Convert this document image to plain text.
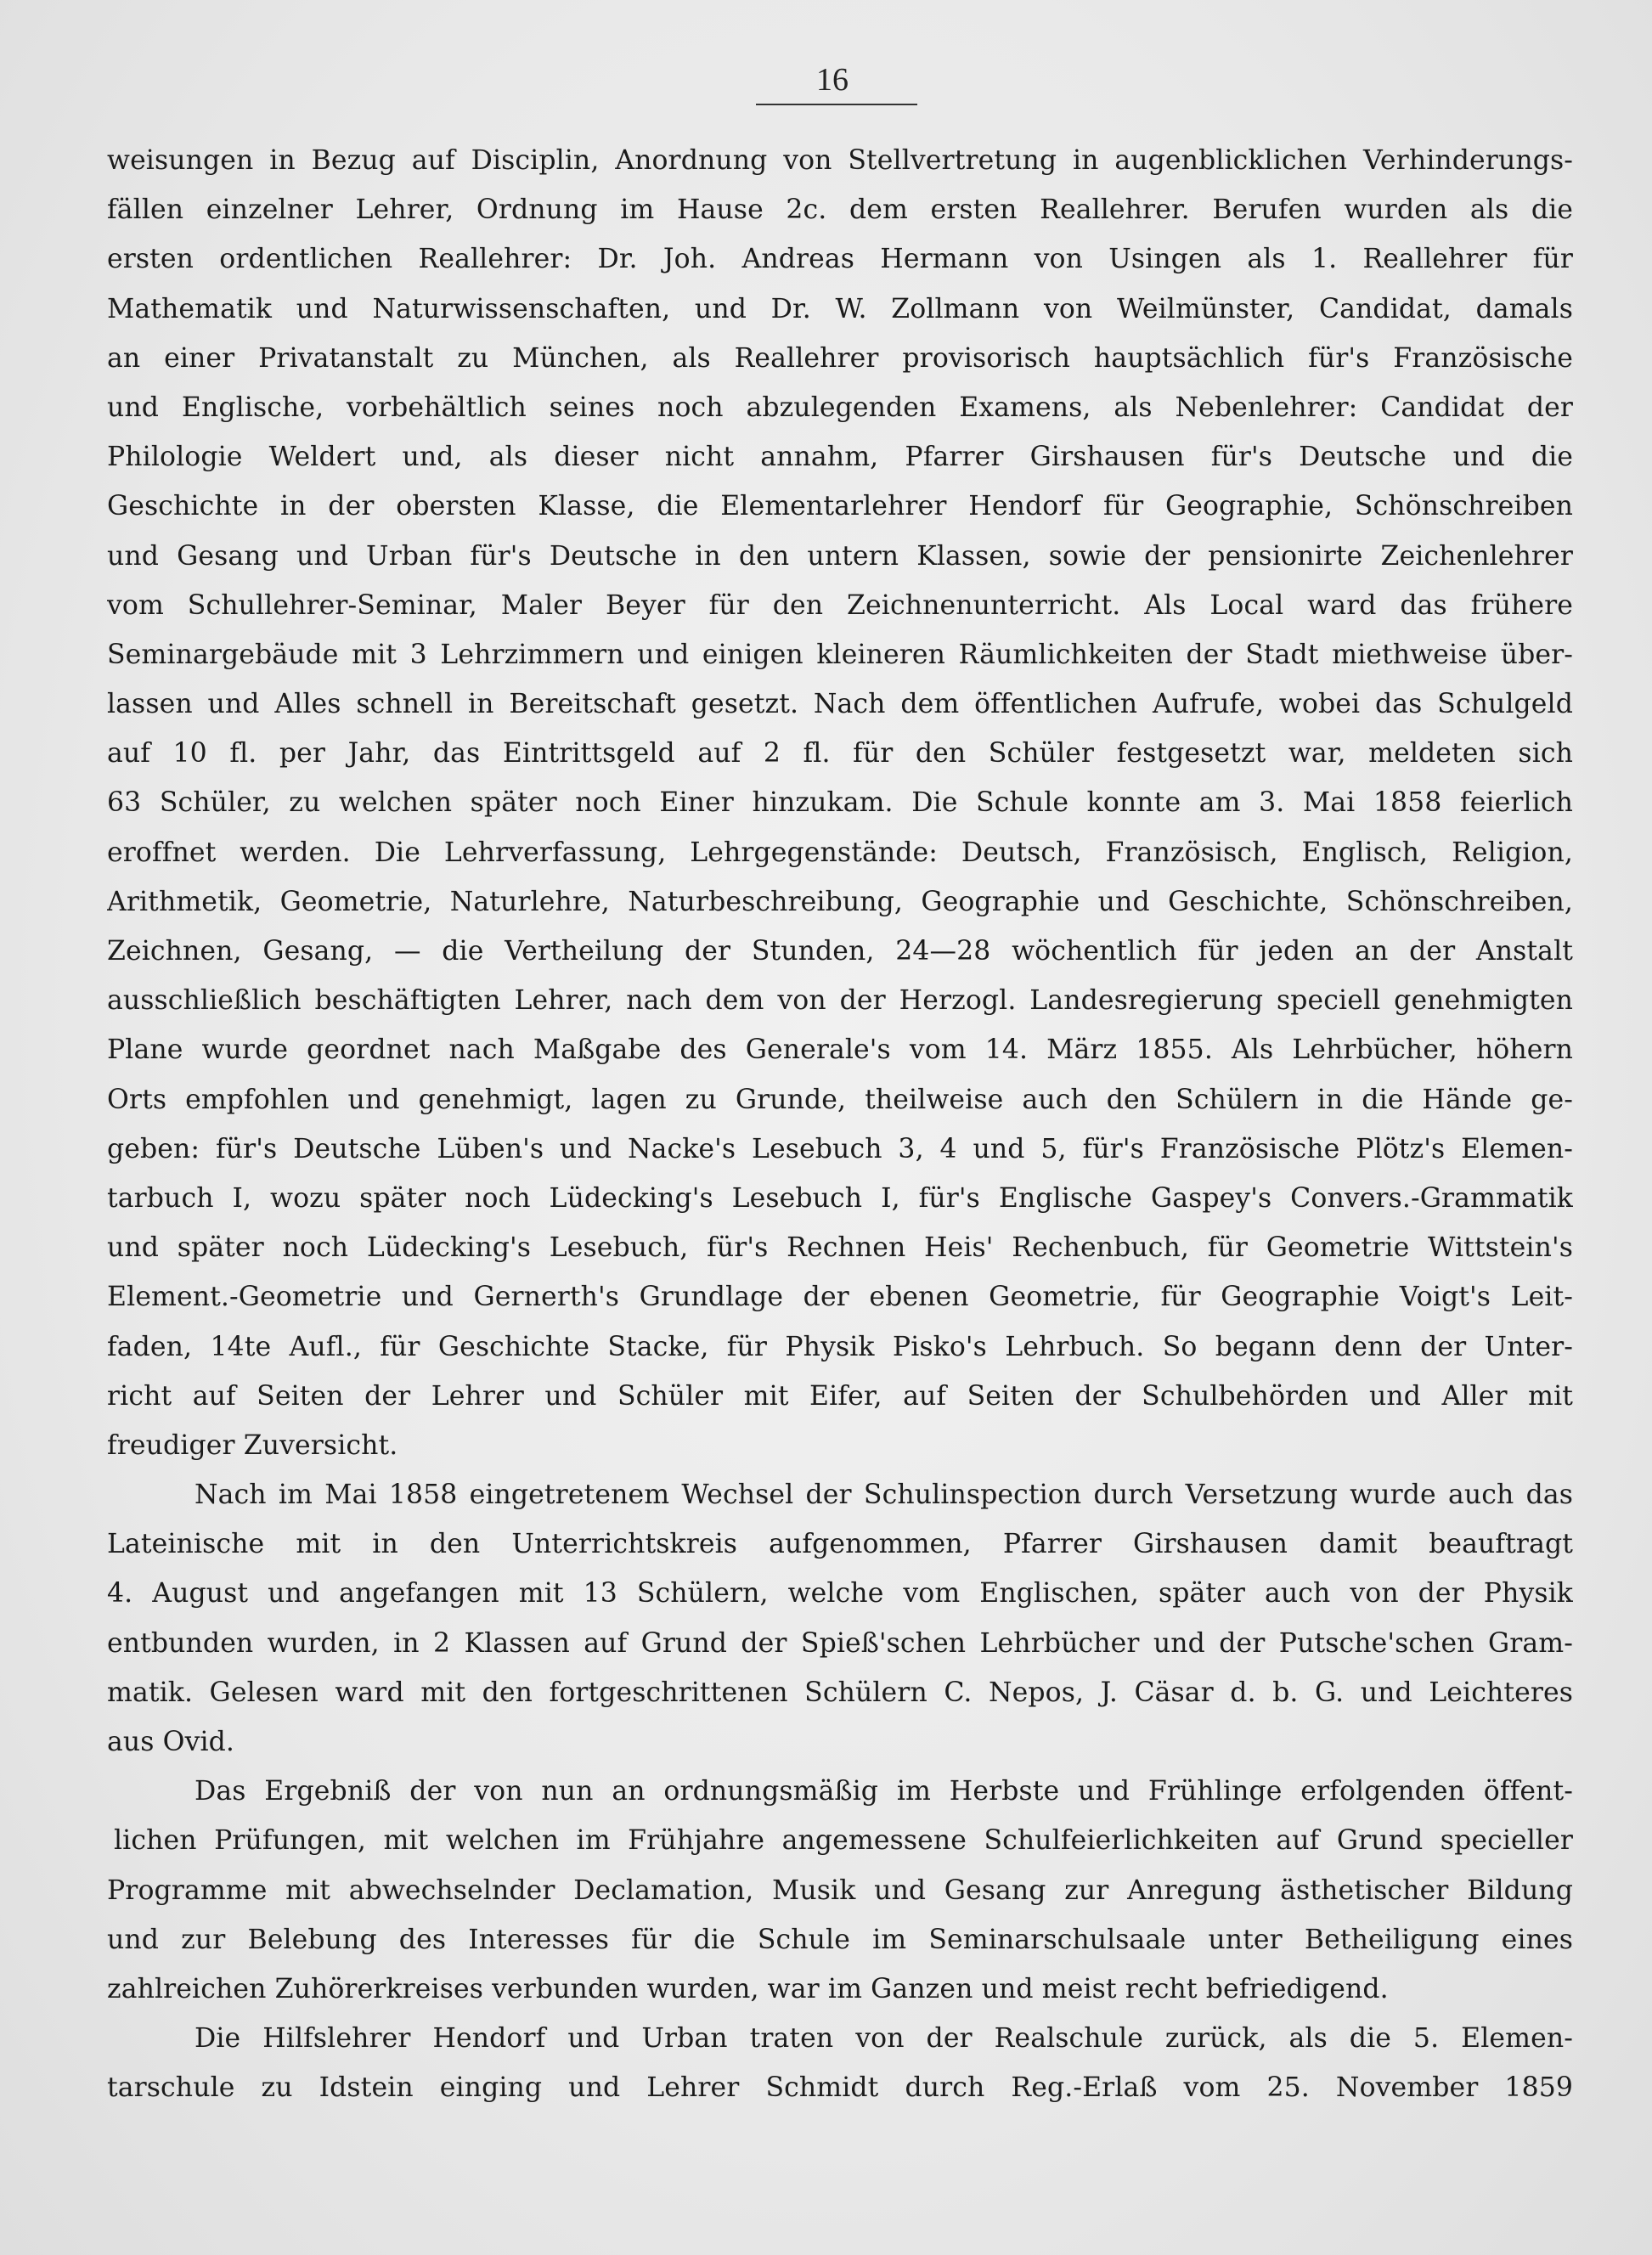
16
weisungen in Bezug auf Disciplin, Anordnung von Stellvertretung in augenblicklichen Verhinderungs-
fällen einzelner Lehrer, Ordnung im Hause 2c. dem ersten Reallehrer. Berufen wurden als die
ersten ordentlichen Reallehrer: Dr. Joh. Andreas Hermann von Usingen als 1. Reallehrer für
Mathematik und Naturwissenschaften, und Dr. W. Zollmann von Weilmünster, Candidat, damals
an einer Privatanstalt zu München, als Reallehrer provisorisch hauptsächlich für's Französische
und Englische, vorbehältlich seines noch abzulegenden Examens, als Nebenlehrer: Candidat der
Philologie Weldert und, als dieser nicht annahm, Pfarrer Girshausen für's Deutsche und die
Geschichte in der obersten Klasse, die Elementarlehrer Hendorf für Geographie, Schönschreiben
und Gesang und Urban für's Deutsche in den untern Klassen, sowie der pensionirte Zeichenlehrer
vom Schullehrer-Seminar, Maler Beyer für den Zeichnenunterricht. Als Local ward das frühere
Seminargebäude mit 3 Lehrzimmern und einigen kleineren Räumlichkeiten der Stadt miethweise über-
lassen und Alles schnell in Bereitschaft gesetzt. Nach dem öffentlichen Aufrufe, wobei das Schulgeld
auf 10 fl. per Jahr, das Eintrittsgeld auf 2 fl. für den Schüler festgesetzt war, meldeten sich
63 Schüler, zu welchen später noch Einer hinzukam. Die Schule konnte am 3. Mai 1858 feierlich
eroffnet werden. Die Lehrverfassung, Lehrgegenstände: Deutsch, Französisch, Englisch, Religion,
Arithmetik, Geometrie, Naturlehre, Naturbeschreibung, Geographie und Geschichte, Schönschreiben,
Zeichnen, Gesang, — die Vertheilung der Stunden, 24—28 wöchentlich für jeden an der Anstalt
ausschließlich beschäftigten Lehrer, nach dem von der Herzogl. Landesregierung speciell genehmigten
Plane wurde geordnet nach Maßgabe des Generale's vom 14. März 1855. Als Lehrbücher, höhern
Orts empfohlen und genehmigt, lagen zu Grunde, theilweise auch den Schülern in die Hände ge-
geben: für's Deutsche Lüben's und Nacke's Lesebuch 3, 4 und 5, für's Französische Plötz's Elemen-
tarbuch I, wozu später noch Lüdecking's Lesebuch I, für's Englische Gaspey's Convers.-Grammatik
und später noch Lüdecking's Lesebuch, für's Rechnen Heis' Rechenbuch, für Geometrie Wittstein's
Element.-Geometrie und Gernerth's Grundlage der ebenen Geometrie, für Geographie Voigt's Leit-
faden, 14te Aufl., für Geschichte Stacke, für Physik Pisko's Lehrbuch. So begann denn der Unter-
richt auf Seiten der Lehrer und Schüler mit Eifer, auf Seiten der Schulbehörden und Aller mit
freudiger Zuversicht.
Nach im Mai 1858 eingetretenem Wechsel der Schulinspection durch Versetzung wurde auch das
Lateinische mit in den Unterrichtskreis aufgenommen, Pfarrer Girshausen damit beauftragt
4. August und angefangen mit 13 Schülern, welche vom Englischen, später auch von der Physik
entbunden wurden, in 2 Klassen auf Grund der Spieß'schen Lehrbücher und der Putsche'schen Gram-
matik. Gelesen ward mit den fortgeschrittenen Schülern C. Nepos, J. Cäsar d. b. G. und Leichteres
aus Ovid.
Das Ergebniß der von nun an ordnungsmäßig im Herbste und Frühlinge erfolgenden öffent-
lichen Prüfungen, mit welchen im Frühjahre angemessene Schulfeierlichkeiten auf Grund specieller
Programme mit abwechselnder Declamation, Musik und Gesang zur Anregung ästhetischer Bildung
und zur Belebung des Interesses für die Schule im Seminarschulsaale unter Betheiligung eines
zahlreichen Zuhörerkreises verbunden wurden, war im Ganzen und meist recht befriedigend.
Die Hilfslehrer Hendorf und Urban traten von der Realschule zurück, als die 5. Elemen-
tarschule zu Idstein einging und Lehrer Schmidt durch Reg.-Erlaß vom 25. November 1859
